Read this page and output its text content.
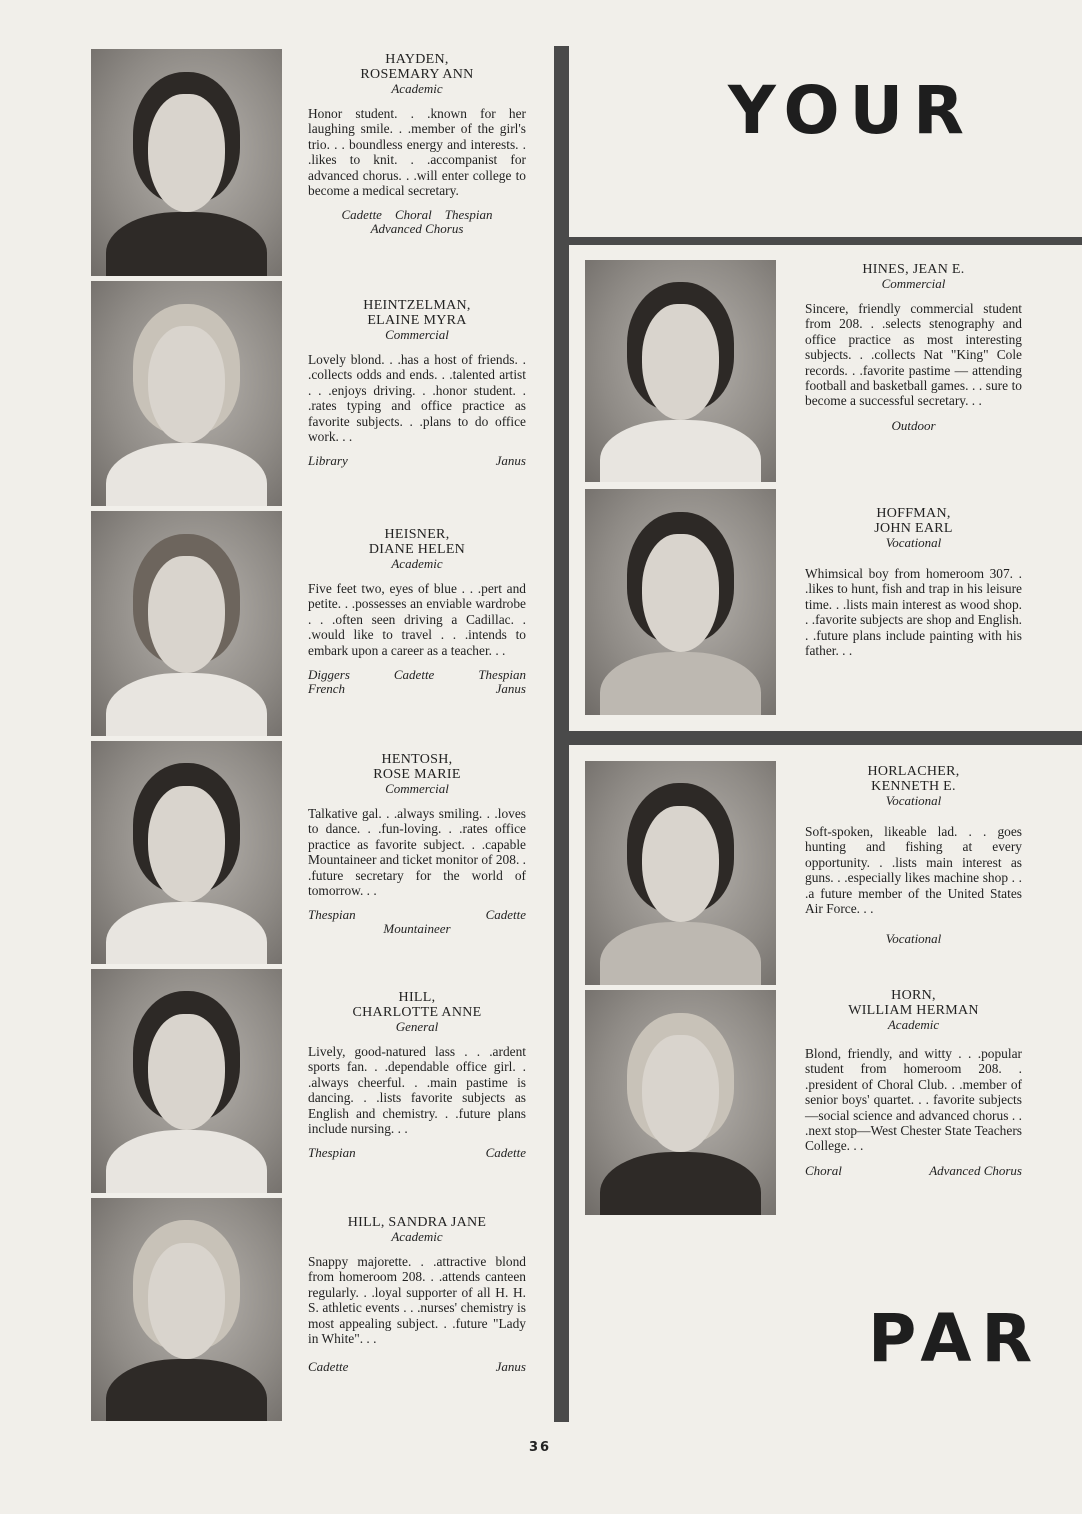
YOUR
PAR
HAYDEN,
ROSEMARY ANN
Academic

Honor student. . .known for her laughing smile. . .member of the girl's trio. . . boundless energy and interests. . .likes to knit. . .accompanist for advanced chorus. . .will enter college to become a medical secretary.

Cadette    Choral    Thespian
Advanced Chorus
HEINTZELMAN,
ELAINE MYRA
Commercial

Lovely blond. . .has a host of friends. . .collects odds and ends. . .talented artist . . .enjoys driving. . .honor student. . .rates typing and office practice as favorite subjects. . .plans to do office work. . .

Library	Janus
HEISNER,
DIANE HELEN
Academic

Five feet two, eyes of blue . . .pert and petite. . .possesses an enviable wardrobe . . .often seen driving a Cadillac. . .would like to travel . . .intends to embark upon a career as a teacher. . .

Diggers	Cadette	Thespian
French	Janus
HENTOSH,
ROSE MARIE
Commercial

Talkative gal. . .always smiling. . .loves to dance. . .fun-loving. . .rates office practice as favorite subject. . .capable Mountaineer and ticket monitor of 208. . .future secretary for the world of tomorrow. . .

Thespian	Cadette
Mountaineer
HILL,
CHARLOTTE ANNE
General

Lively, good-natured lass . . .ardent sports fan. . .dependable office girl. . .always cheerful. . .main pastime is dancing. . .lists favorite subjects as English and chemistry. . .future plans include nursing. . .

Thespian	Cadette
HILL, SANDRA JANE
Academic

Snappy majorette. . .attractive blond from homeroom 208. . .attends canteen regularly. . .loyal supporter of all H. H. S. athletic events . . .nurses' chemistry is most appealing subject. . .future "Lady in White". . .

Cadette	Janus
HINES, JEAN E.
Commercial

Sincere, friendly commercial student from 208. . .selects stenography and office practice as most interesting subjects. . .collects Nat "King" Cole records. . .favorite pastime — attending football and basketball games. . . sure to become a successful secretary. . .

Outdoor
HOFFMAN,
JOHN EARL
Vocational

Whimsical boy from homeroom 307. . .likes to hunt, fish and trap in his leisure time. . .lists main interest as wood shop. . .favorite subjects are shop and English. . .future plans include painting with his father. . .

HORLACHER,
KENNETH E.
Vocational

Soft-spoken, likeable lad. . . goes hunting and fishing at every opportunity. . .lists main interest as guns. . .especially likes machine shop . . .a future member of the United States Air Force. . .

Vocational
HORN,
WILLIAM HERMAN
Academic

Blond, friendly, and witty . . .popular student from homeroom 208. . .president of Choral Club. . .member of senior boys' quartet. . . favorite subjects—social science and advanced chorus . . .next stop—West Chester State Teachers College. . .

Choral	Advanced Chorus
36
